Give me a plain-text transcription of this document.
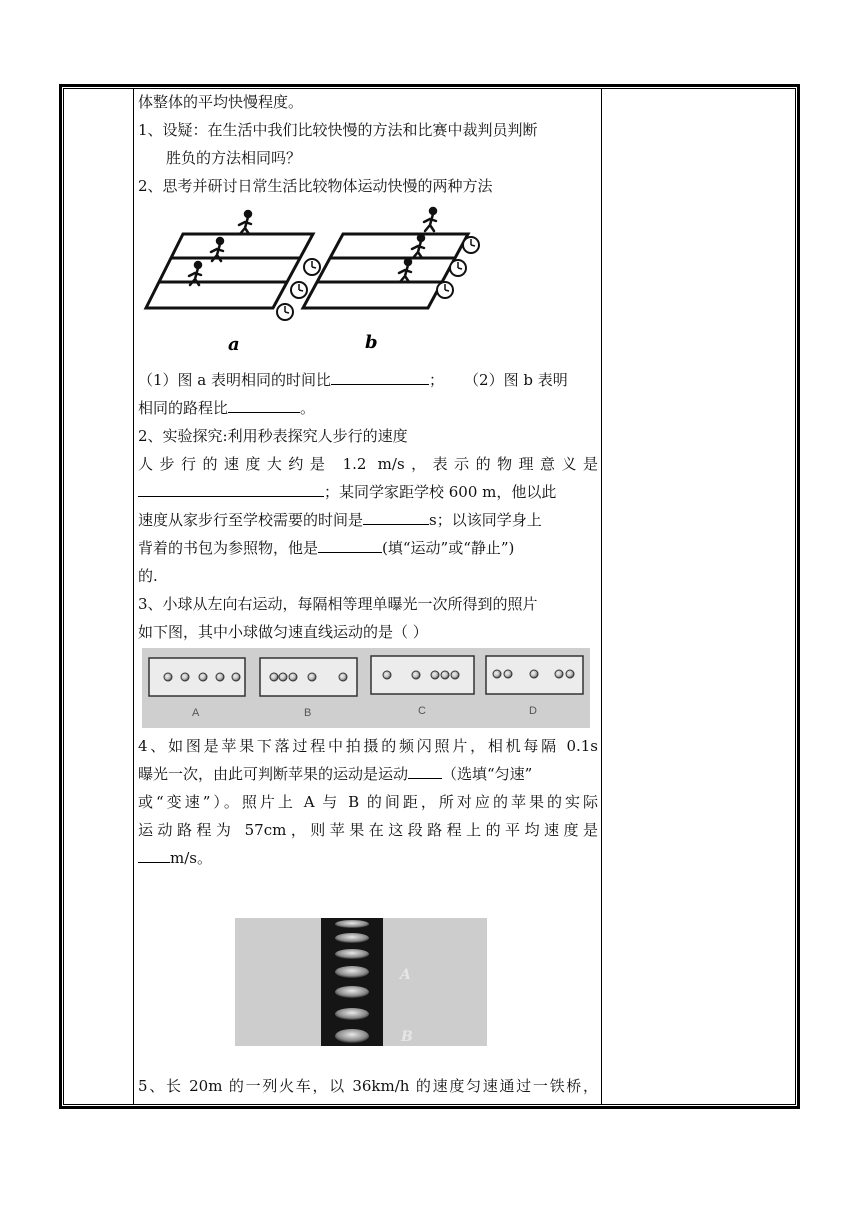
体整体的平均快慢程度。

1、设疑：在生活中我们比较快慢的方法和比赛中裁判员判断

胜负的方法相同吗？

2、思考并研讨日常生活比较物体运动快慢的两种方法

a	b

（1）图 a 表明相同的时间比	； （2）图 b 表明

相同的路程比	。

2、实验探究:利用秒表探究人步行的速度

人步行的速度大约是 1.2 m/s，表示的物理意义是

；某同学家距学校 600 m，他以此

速度从家步行至学校需要的时间是	s；以该同学身上

背着的书包为参照物，他是	(填“运动”或“静止”)

的.

3、小球从左向右运动，每隔相等理单曝光一次所得到的照片

如下图，其中小球做匀速直线运动的是（ ）

A	B	C	D

4、如图是苹果下落过程中拍摄的频闪照片，相机每隔 0.1s

曝光一次，由此可判断苹果的运动是运动 （选填“匀速”

或“变速”）。照片上 A 与 B 的间距，所对应的苹果的实际

运动路程为 57cm，则苹果在这段路程上的平均速度是

m/s。

A
B

5、长 20m 的一列火车，以 36km/h 的速度匀速通过一铁桥，
